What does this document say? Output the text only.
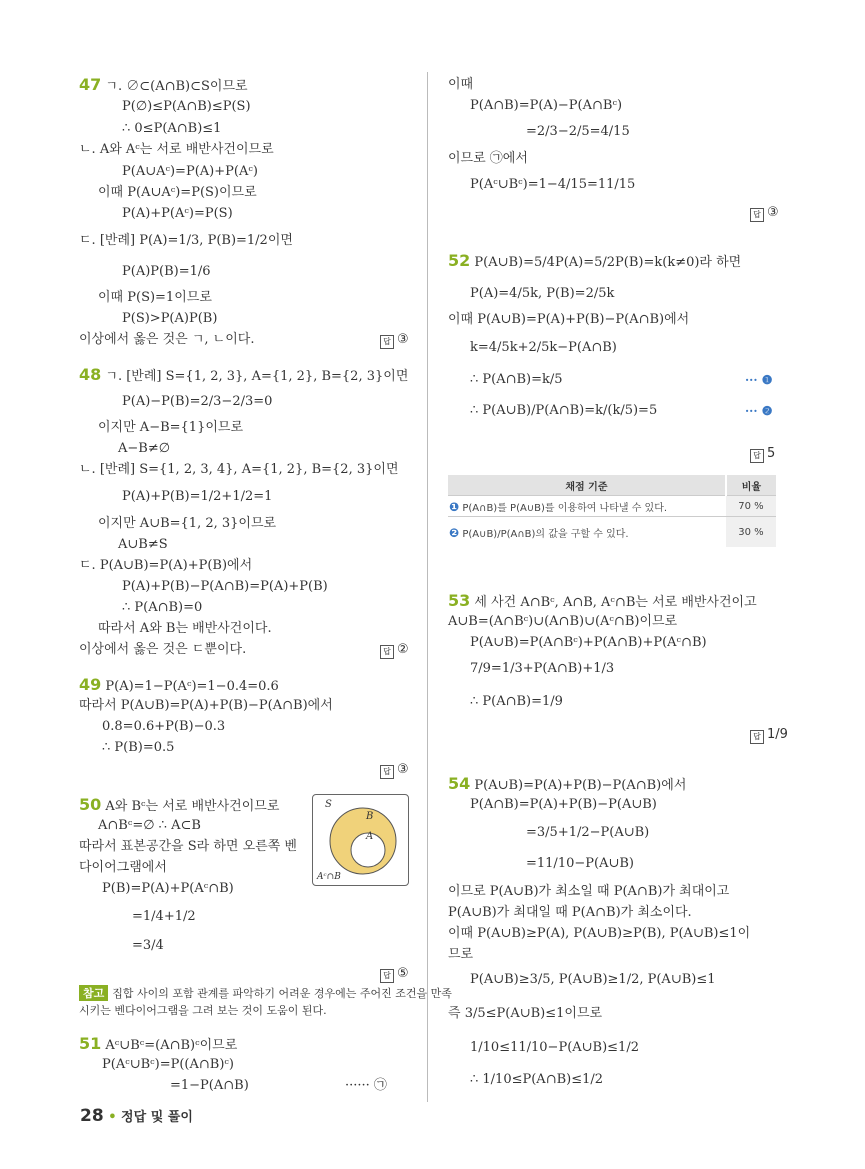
47 ㄱ. ∅⊂(A∩B)⊂S이므로
P(∅)≤P(A∩B)≤P(S)
∴ 0≤P(A∩B)≤1
ㄴ. A와 Aᶜ는 서로 배반사건이므로
P(A∪Aᶜ)=P(A)+P(Aᶜ)
이때 P(A∪Aᶜ)=P(S)이므로
P(A)+P(Aᶜ)=P(S)
ㄷ. [반례] P(A)=1/3, P(B)=1/2이면
P(A)P(B)=1/6
이때 P(S)=1이므로
P(S)>P(A)P(B)
이상에서 옳은 것은 ㄱ, ㄴ이다.	답 ③
48 ㄱ. [반례] S={1, 2, 3}, A={1, 2}, B={2, 3}이면
P(A)−P(B)=2/3−2/3=0
이지만 A−B={1}이므로
A−B≠∅
ㄴ. [반례] S={1, 2, 3, 4}, A={1, 2}, B={2, 3}이면
P(A)+P(B)=1/2+1/2=1
이지만 A∪B={1, 2, 3}이므로
A∪B≠S
ㄷ. P(A∪B)=P(A)+P(B)에서
P(A)+P(B)−P(A∩B)=P(A)+P(B)
∴ P(A∩B)=0
따라서 A와 B는 배반사건이다.
이상에서 옳은 것은 ㄷ뿐이다.	답 ②
49 P(A)=1−P(Aᶜ)=1−0.4=0.6
따라서 P(A∪B)=P(A)+P(B)−P(A∩B)에서
0.8=0.6+P(B)−0.3
∴ P(B)=0.5
답 ③
50 A와 Bᶜ는 서로 배반사건이므로
A∩Bᶜ=∅ ∴ A⊂B
따라서 표본공간을 S라 하면 오른쪽 벤
다이어그램에서
P(B)=P(A)+P(Aᶜ∩B)
=1/4+1/2
=3/4
S
B
A
Aᶜ∩B
답 ⑤
참고 집합 사이의 포함 관계를 파악하기 어려운 경우에는 주어진 조건을 만족
시키는 벤다이어그램을 그려 보는 것이 도움이 된다.
51 Aᶜ∪Bᶜ=(A∩B)ᶜ이므로
P(Aᶜ∪Bᶜ)=P((A∩B)ᶜ)
=1−P(A∩B)	······ ㉠
이때
P(A∩B)=P(A)−P(A∩Bᶜ)
=2/3−2/5=4/15
이므로 ㉠에서
P(Aᶜ∪Bᶜ)=1−4/15=11/15
답 ③
52 P(A∪B)=5/4P(A)=5/2P(B)=k(k≠0)라 하면
P(A)=4/5k, P(B)=2/5k
이때 P(A∪B)=P(A)+P(B)−P(A∩B)에서
k=4/5k+2/5k−P(A∩B)
∴ P(A∩B)=k/5	··· ❶
∴ P(A∪B)/P(A∩B)=k/(k/5)=5	··· ❷
답 5
채점 기준	비율
❶ P(A∩B)를 P(A∪B)를 이용하여 나타낼 수 있다.	70 %
❷ P(A∪B)/P(A∩B)의 값을 구할 수 있다.	30 %
53 세 사건 A∩Bᶜ, A∩B, Aᶜ∩B는 서로 배반사건이고
A∪B=(A∩Bᶜ)∪(A∩B)∪(Aᶜ∩B)이므로
P(A∪B)=P(A∩Bᶜ)+P(A∩B)+P(Aᶜ∩B)
7/9=1/3+P(A∩B)+1/3
∴ P(A∩B)=1/9
답 1/9
54 P(A∪B)=P(A)+P(B)−P(A∩B)에서
P(A∩B)=P(A)+P(B)−P(A∪B)
=3/5+1/2−P(A∪B)
=11/10−P(A∪B)
이므로 P(A∪B)가 최소일 때 P(A∩B)가 최대이고
P(A∪B)가 최대일 때 P(A∩B)가 최소이다.
이때 P(A∪B)≥P(A), P(A∪B)≥P(B), P(A∪B)≤1이
므로
P(A∪B)≥3/5, P(A∪B)≥1/2, P(A∪B)≤1
즉 3/5≤P(A∪B)≤1이므로
1/10≤11/10−P(A∪B)≤1/2
∴ 1/10≤P(A∩B)≤1/2
28 • 정답 및 풀이
